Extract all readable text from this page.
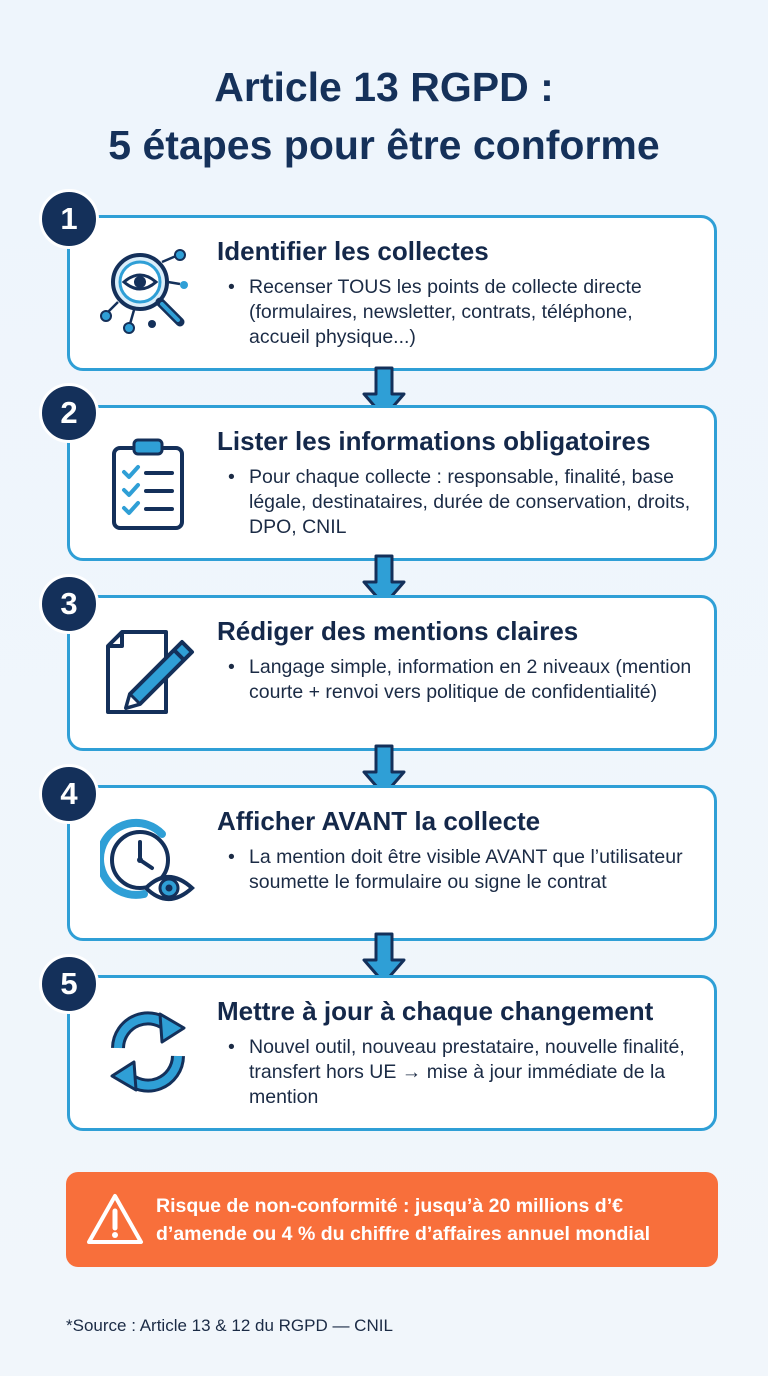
Article 13 RGPD :
5 étapes pour être conforme
Identifier les collectes
• Recenser TOUS les points de collecte directe (formulaires, newsletter, contrats, téléphone, accueil physique...)
1
Lister les informations obligatoires
• Pour chaque collecte : responsable, finalité, base légale, destinataires, durée de conservation, droits, DPO, CNIL
2
Rédiger des mentions claires
• Langage simple, information en 2 niveaux (mention courte + renvoi vers politique de confidentialité)
3
Afficher AVANT la collecte
• La mention doit être visible AVANT que l’utilisateur soumette le formulaire ou signe le contrat
4
Mettre à jour à chaque changement
• Nouvel outil, nouveau prestataire, nouvelle finalité, transfert hors UE → mise à jour immédiate de la mention
5
Risque de non-conformité : jusqu’à 20 millions d’€
d’amende ou 4 % du chiffre d’affaires annuel mondial
*Source : Article 13 & 12 du RGPD — CNIL
